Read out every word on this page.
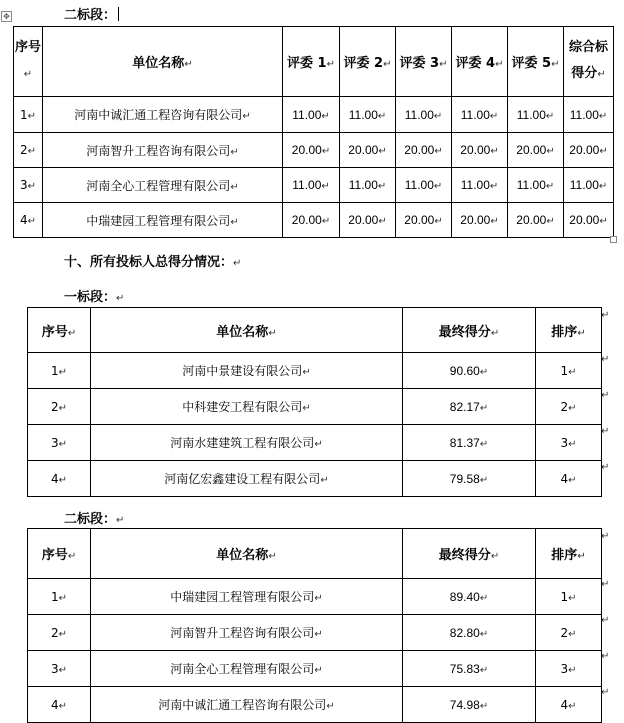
✥	二标段：
序号↵	单位名称↵	评委 1↵	评委 2↵	评委 3↵	评委 4↵	评委 5↵	综合标得分↵
1↵	河南中诚汇通工程咨询有限公司↵	11.00↵	11.00↵	11.00↵	11.00↵	11.00↵	11.00↵
2↵	河南智升工程咨询有限公司↵	20.00↵	20.00↵	20.00↵	20.00↵	20.00↵	20.00↵
3↵	河南全心工程管理有限公司↵	11.00↵	11.00↵	11.00↵	11.00↵	11.00↵	11.00↵
4↵	中瑞建园工程管理有限公司↵	20.00↵	20.00↵	20.00↵	20.00↵	20.00↵	20.00↵
十、所有投标人总得分情况：↵
一标段：↵
序号↵	单位名称↵	最终得分↵	排序↵
1↵	河南中景建设有限公司↵	90.60↵	1↵
2↵	中科建安工程有限公司↵	82.17↵	2↵
3↵	河南水建建筑工程有限公司↵	81.37↵	3↵
4↵	河南亿宏鑫建设工程有限公司↵	79.58↵	4↵
↵
↵
↵
↵
↵
二标段：↵
序号↵	单位名称↵	最终得分↵	排序↵
1↵	中瑞建园工程管理有限公司↵	89.40↵	1↵
2↵	河南智升工程咨询有限公司↵	82.80↵	2↵
3↵	河南全心工程管理有限公司↵	75.83↵	3↵
4↵	河南中诚汇通工程咨询有限公司↵	74.98↵	4↵
↵
↵
↵
↵
↵
